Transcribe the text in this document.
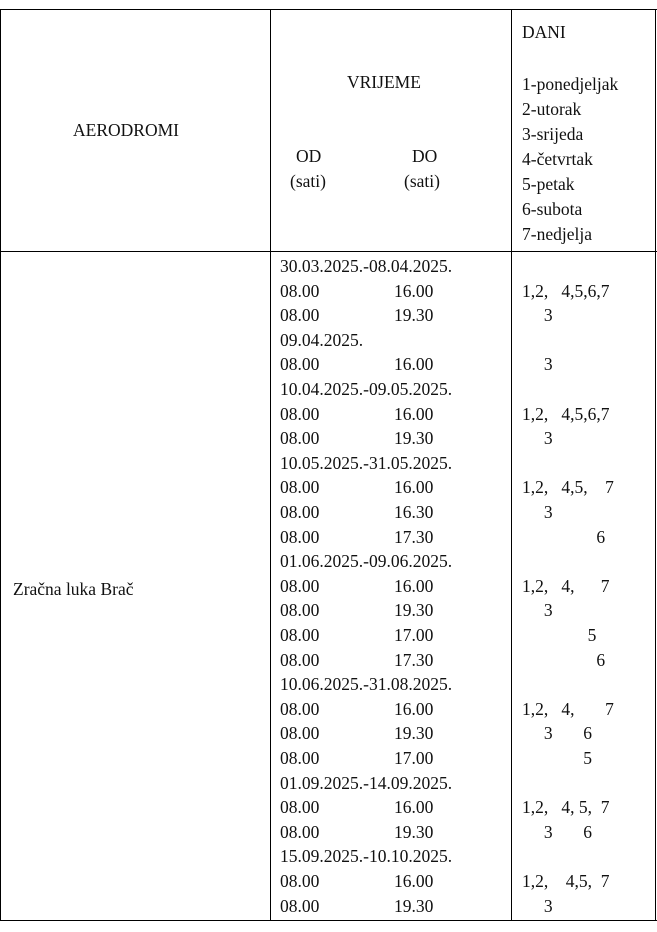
AERODROMI
VRIJEME
OD
(sati)
DO
(sati)
DANI
1-ponedjeljak
2-utorak
3-srijeda
4-četvrtak
5-petak
6-subota
7-nedjelja
Zračna luka Brač
30.03.2025.-08.04.2025.
08.00	16.00	1,2,   4,5,6,7
08.00	19.30	3
09.04.2025.
08.00	16.00	3
10.04.2025.-09.05.2025.
08.00	16.00	1,2,   4,5,6,7
08.00	19.30	3
10.05.2025.-31.05.2025.
08.00	16.00	1,2,   4,5,    7
08.00	16.30	3
08.00	17.30	6
01.06.2025.-09.06.2025.
08.00	16.00	1,2,   4,      7
08.00	19.30	3
08.00	17.00	5
08.00	17.30	6
10.06.2025.-31.08.2025.
08.00	16.00	1,2,   4,       7
08.00	19.30	3       6
08.00	17.00	5
01.09.2025.-14.09.2025.
08.00	16.00	1,2,   4, 5,  7
08.00	19.30	3       6
15.09.2025.-10.10.2025.
08.00	16.00	1,2,    4,5,  7
08.00	19.30	3
